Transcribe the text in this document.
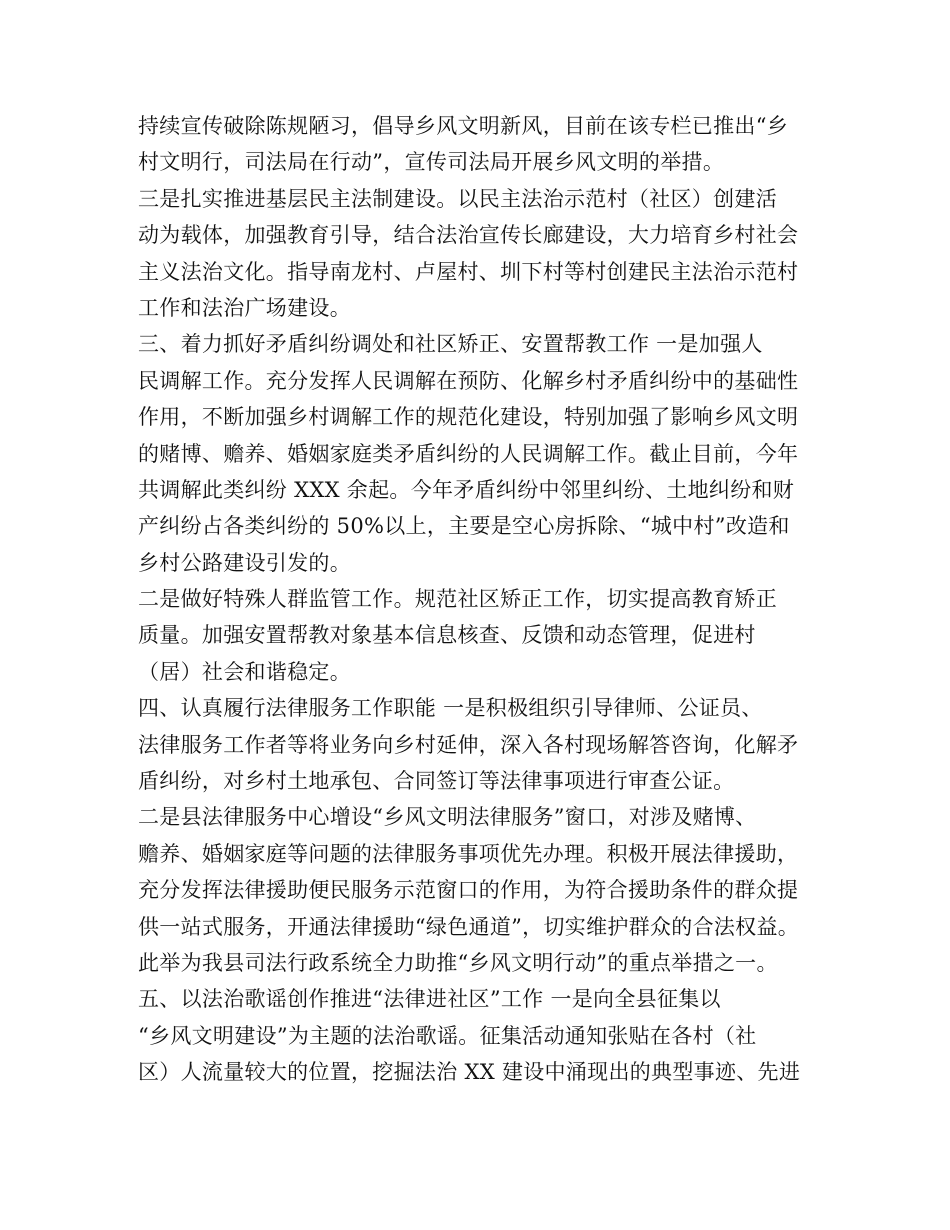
持续宣传破除陈规陋习，倡导乡风文明新风，目前在该专栏已推出“乡
村文明行，司法局在行动”，宣传司法局开展乡风文明的举措。
三是扎实推进基层民主法制建设。以民主法治示范村（社区）创建活
动为载体，加强教育引导，结合法治宣传长廊建设，大力培育乡村社会
主义法治文化。指导南龙村、卢屋村、圳下村等村创建民主法治示范村
工作和法治广场建设。
三、着力抓好矛盾纠纷调处和社区矫正、安置帮教工作 一是加强人
民调解工作。充分发挥人民调解在预防、化解乡村矛盾纠纷中的基础性
作用，不断加强乡村调解工作的规范化建设，特别加强了影响乡风文明
的赌博、赡养、婚姻家庭类矛盾纠纷的人民调解工作。截止目前，今年
共调解此类纠纷 XXX 余起。今年矛盾纠纷中邻里纠纷、土地纠纷和财
产纠纷占各类纠纷的 50%以上，主要是空心房拆除、“城中村”改造和
乡村公路建设引发的。
二是做好特殊人群监管工作。规范社区矫正工作，切实提高教育矫正
质量。加强安置帮教对象基本信息核查、反馈和动态管理，促进村
（居）社会和谐稳定。
四、认真履行法律服务工作职能 一是积极组织引导律师、公证员、
法律服务工作者等将业务向乡村延伸，深入各村现场解答咨询，化解矛
盾纠纷，对乡村土地承包、合同签订等法律事项进行审查公证。
二是县法律服务中心增设“乡风文明法律服务”窗口，对涉及赌博、
赡养、婚姻家庭等问题的法律服务事项优先办理。积极开展法律援助，
充分发挥法律援助便民服务示范窗口的作用，为符合援助条件的群众提
供一站式服务，开通法律援助“绿色通道”，切实维护群众的合法权益。
此举为我县司法行政系统全力助推“乡风文明行动”的重点举措之一。
五、以法治歌谣创作推进“法律进社区”工作 一是向全县征集以
“乡风文明建设”为主题的法治歌谣。征集活动通知张贴在各村（社
区）人流量较大的位置，挖掘法治 XX 建设中涌现出的典型事迹、先进
